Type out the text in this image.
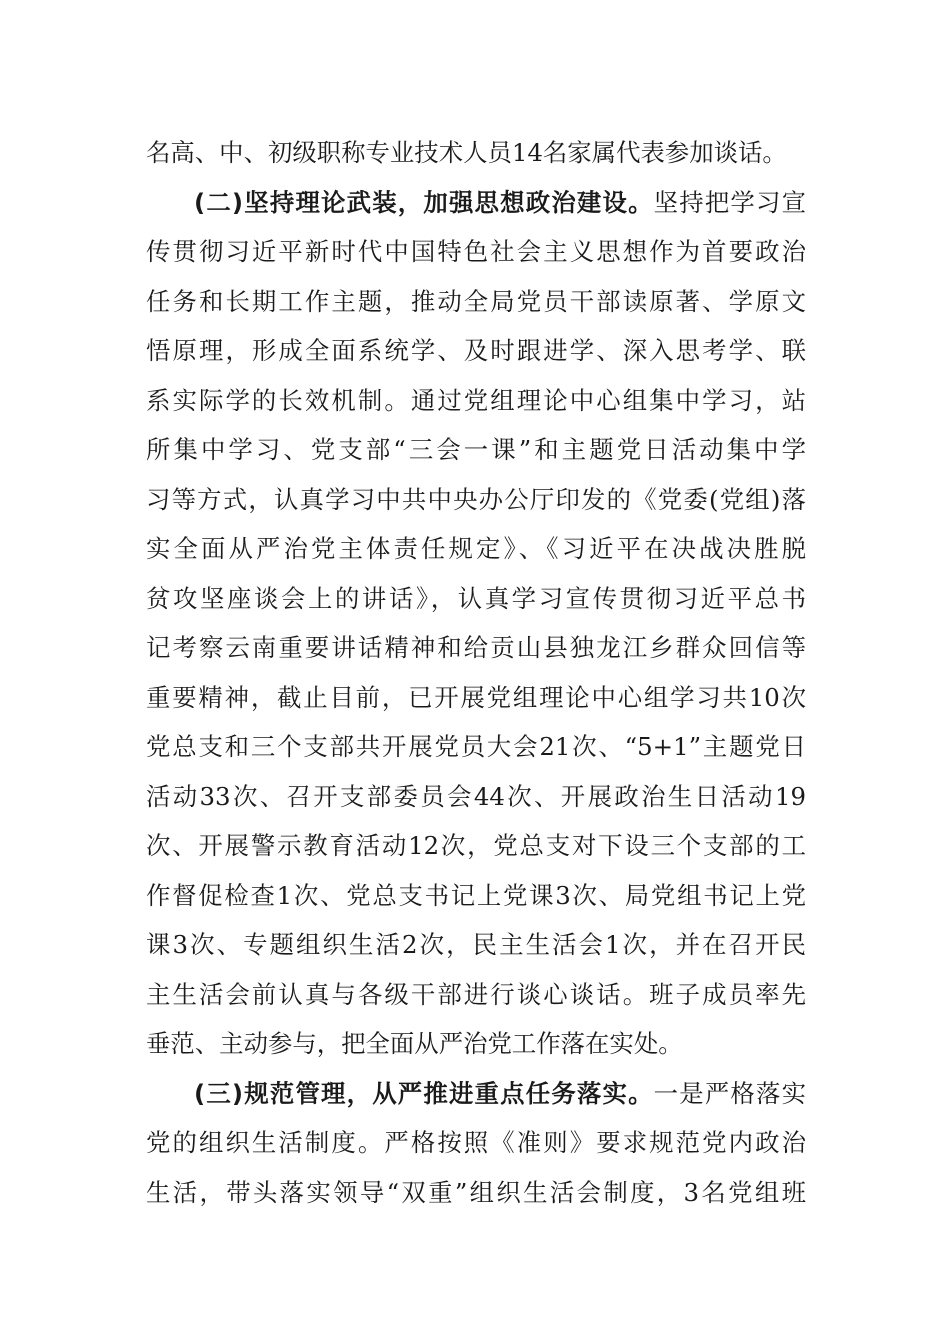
名高、中、初级职称专业技术人员14名家属代表参加谈话。
(二)坚持理论武装，加强思想政治建设。坚持把学习宣
传贯彻习近平新时代中国特色社会主义思想作为首要政治
任务和长期工作主题，推动全局党员干部读原著、学原文
悟原理，形成全面系统学、及时跟进学、深入思考学、联
系实际学的长效机制。通过党组理论中心组集中学习，站
所集中学习、党支部“三会一课”和主题党日活动集中学
习等方式，认真学习中共中央办公厅印发的《党委(党组)落
实全面从严治党主体责任规定》、《习近平在决战决胜脱
贫攻坚座谈会上的讲话》，认真学习宣传贯彻习近平总书
记考察云南重要讲话精神和给贡山县独龙江乡群众回信等
重要精神，截止目前，已开展党组理论中心组学习共10次
党总支和三个支部共开展党员大会21次、“5+1”主题党日
活动33次、召开支部委员会44次、开展政治生日活动19
次、开展警示教育活动12次，党总支对下设三个支部的工
作督促检查1次、党总支书记上党课3次、局党组书记上党
课3次、专题组织生活2次，民主生活会1次，并在召开民
主生活会前认真与各级干部进行谈心谈话。班子成员率先
垂范、主动参与，把全面从严治党工作落在实处。
(三)规范管理，从严推进重点任务落实。一是严格落实
党的组织生活制度。严格按照《准则》要求规范党内政治
生活，带头落实领导“双重”组织生活会制度，3名党组班
